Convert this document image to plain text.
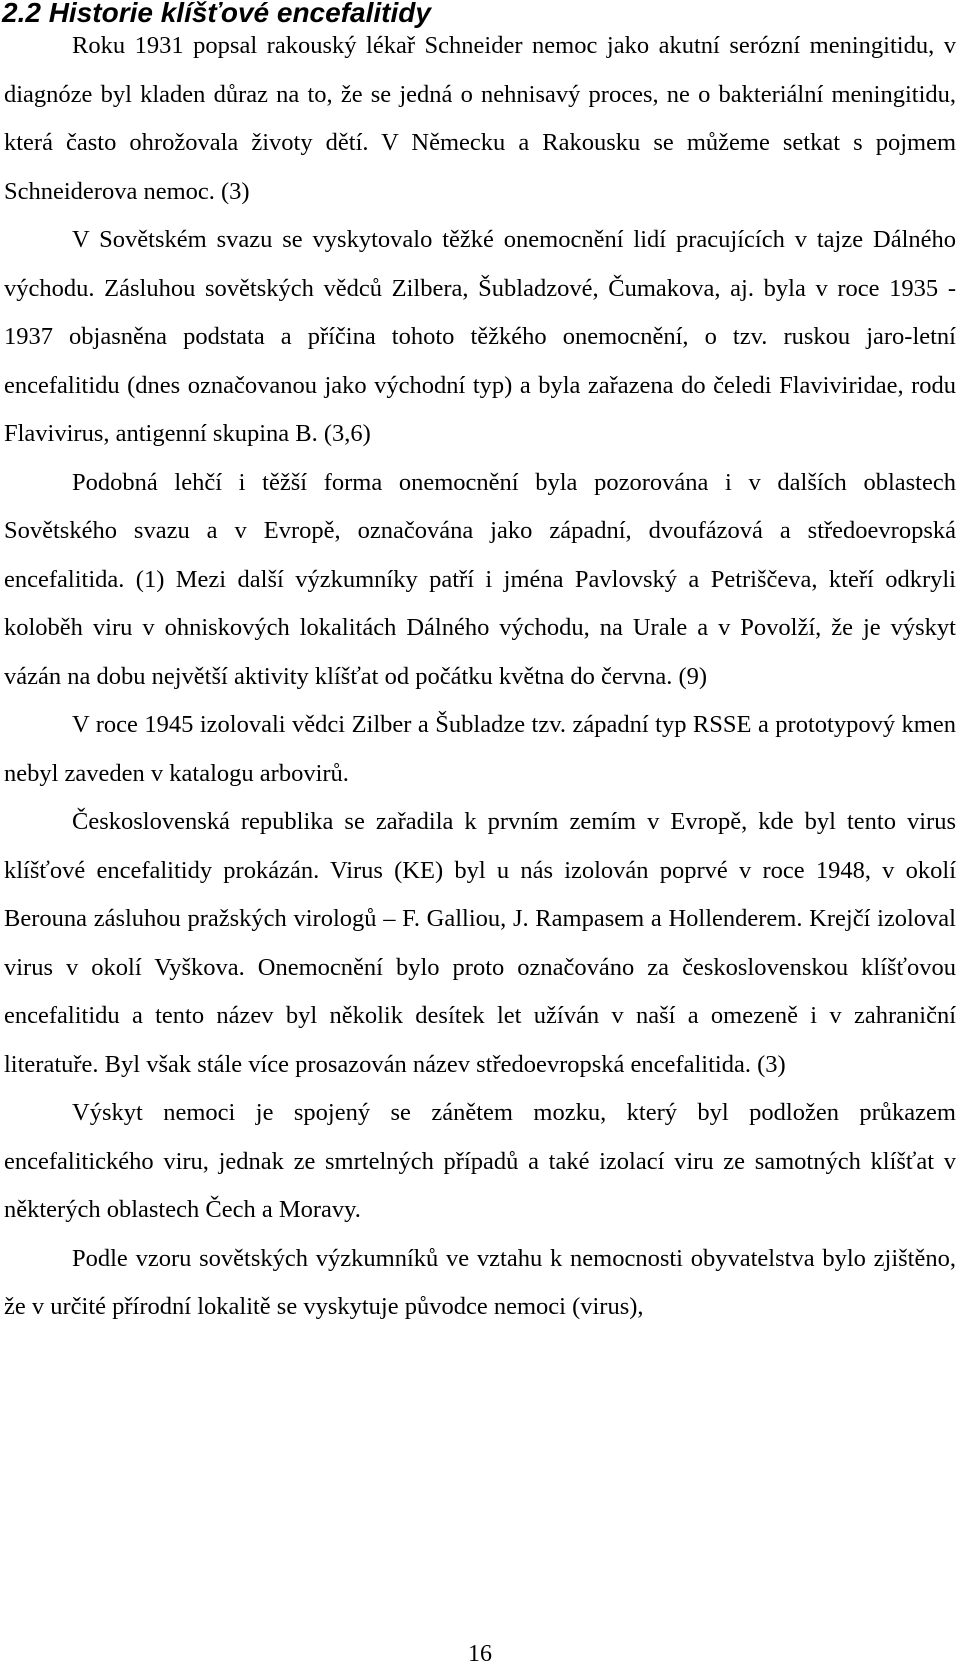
2.2 Historie klíšťové encefalitidy

Roku 1931 popsal rakouský lékař Schneider nemoc jako akutní serózní meningitidu, v diagnóze byl kladen důraz na to, že se jedná o nehnisavý proces, ne o bakteriální meningitidu, která často ohrožovala životy dětí. V Německu a Rakousku se můžeme setkat s pojmem Schneiderova nemoc. (3)

V Sovětském svazu se vyskytovalo těžké onemocnění lidí pracujících v tajze Dálného východu. Zásluhou sovětských vědců Zilbera, Šubladzové, Čumakova, aj. byla v roce 1935 - 1937 objasněna podstata a příčina tohoto těžkého onemocnění, o tzv. ruskou jaro-letní encefalitidu (dnes označovanou jako východní typ) a byla zařazena do čeledi Flaviviridae, rodu Flavivirus, antigenní skupina B. (3,6)

Podobná lehčí i těžší forma onemocnění byla pozorována i v dalších oblastech Sovětského svazu a v Evropě, označována jako západní, dvoufázová a středoevropská encefalitida. (1) Mezi další výzkumníky patří i jména Pavlovský a Petriščeva, kteří odkryli koloběh viru v ohniskových lokalitách Dálného východu, na Urale a v Povolží, že je výskyt vázán na dobu největší aktivity klíšťat od počátku května do června. (9)

V roce 1945 izolovali vědci Zilber a Šubladze tzv. západní typ RSSE a prototypový kmen nebyl zaveden v katalogu arbovirů.

Československá republika se zařadila k prvním zemím v Evropě, kde byl tento virus klíšťové encefalitidy prokázán. Virus (KE) byl u nás izolován poprvé v roce 1948, v okolí Berouna zásluhou pražských virologů – F. Galliou, J. Rampasem a Hollenderem. Krejčí izoloval virus v okolí Vyškova. Onemocnění bylo proto označováno za československou klíšťovou encefalitidu a tento název byl několik desítek let užíván v naší a omezeně i v zahraniční literatuře. Byl však stále více prosazován název středoevropská encefalitida. (3)

Výskyt nemoci je spojený se zánětem mozku, který byl podložen průkazem encefalitického viru, jednak ze smrtelných případů a také izolací viru ze samotných klíšťat v některých oblastech Čech a Moravy.

Podle vzoru sovětských výzkumníků ve vztahu k nemocnosti obyvatelstva bylo zjištěno, že v určité přírodní lokalitě se vyskytuje původce nemoci (virus),

16
